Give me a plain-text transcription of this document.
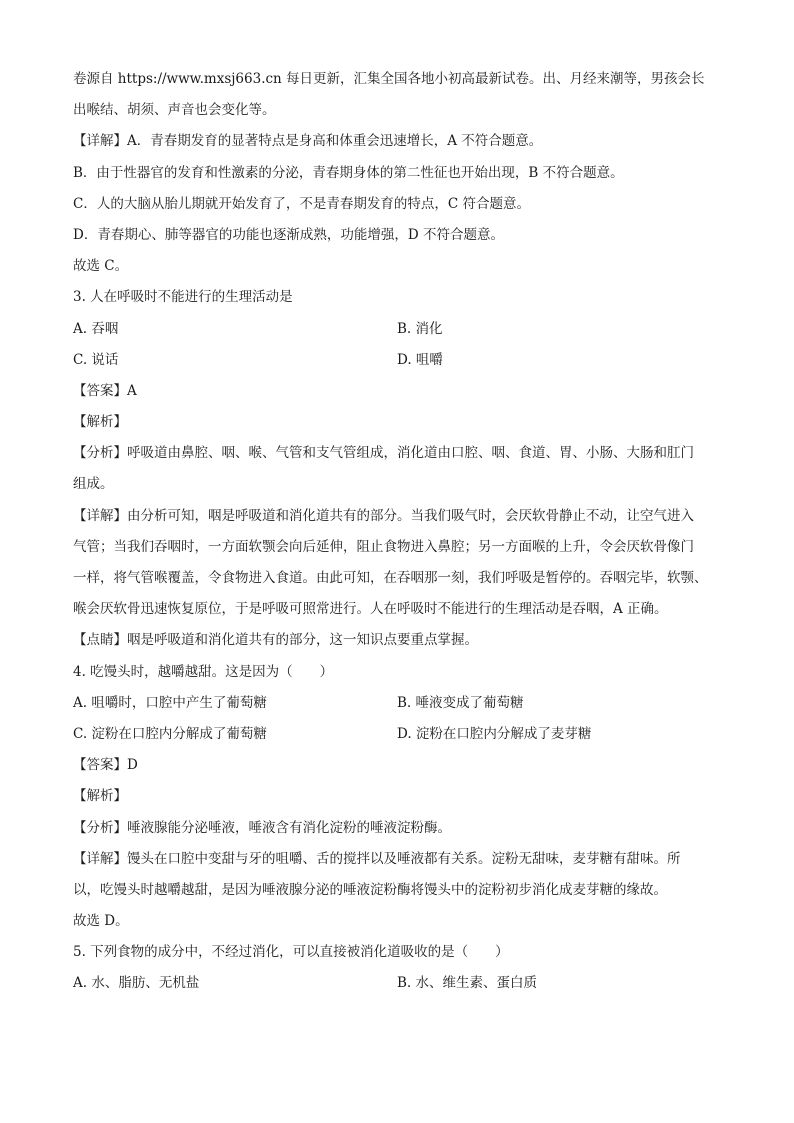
卷源自 https://www.mxsj663.cn 每日更新，汇集全国各地小初高最新试卷。出、月经来潮等，男孩会长
出喉结、胡须、声音也会变化等。
【详解】A．青春期发育的显著特点是身高和体重会迅速增长，A 不符合题意。
B．由于性器官的发育和性激素的分泌，青春期身体的第二性征也开始出现，B 不符合题意。
C．人的大脑从胎儿期就开始发育了，不是青春期发育的特点，C 符合题意。
D．青春期心、肺等器官的功能也逐渐成熟，功能增强，D 不符合题意。
故选 C。
3. 人在呼吸时不能进行的生理活动是
A. 吞咽	B. 消化
C. 说话	D. 咀嚼
【答案】A
【解析】
【分析】呼吸道由鼻腔、咽、喉、气管和支气管组成，消化道由口腔、咽、食道、胃、小肠、大肠和肛门
组成。
【详解】由分析可知，咽是呼吸道和消化道共有的部分。当我们吸气时，会厌软骨静止不动，让空气进入
气管；当我们吞咽时，一方面软颚会向后延伸，阻止食物进入鼻腔；另一方面喉的上升，令会厌软骨像门
一样，将气管喉覆盖，令食物进入食道。由此可知，在吞咽那一刻，我们呼吸是暂停的。吞咽完毕，软颚、
喉会厌软骨迅速恢复原位，于是呼吸可照常进行。人在呼吸时不能进行的生理活动是吞咽，A 正确。
【点睛】咽是呼吸道和消化道共有的部分，这一知识点要重点掌握。
4. 吃馒头时，越嚼越甜。这是因为（　　）
A. 咀嚼时，口腔中产生了葡萄糖	B. 唾液变成了葡萄糖
C. 淀粉在口腔内分解成了葡萄糖	D. 淀粉在口腔内分解成了麦芽糖
【答案】D
【解析】
【分析】唾液腺能分泌唾液，唾液含有消化淀粉的唾液淀粉酶。
【详解】馒头在口腔中变甜与牙的咀嚼、舌的搅拌以及唾液都有关系。淀粉无甜味，麦芽糖有甜味。所
以，吃馒头时越嚼越甜，是因为唾液腺分泌的唾液淀粉酶将馒头中的淀粉初步消化成麦芽糖的缘故。
故选 D。
5. 下列食物的成分中，不经过消化，可以直接被消化道吸收的是（　　）
A. 水、脂肪、无机盐	B. 水、维生素、蛋白质
